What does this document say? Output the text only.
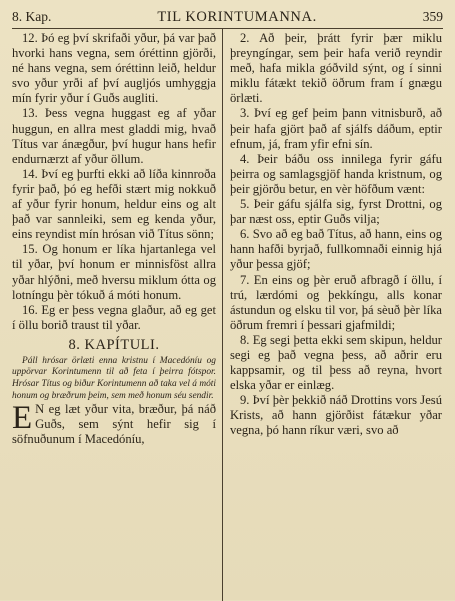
8. Kap.	TIL KORINTUMANNA.	359

12. Þó eg því skrifaði yður, þá var það hvorki hans vegna, sem óréttinn gjörði, né hans vegna, sem óréttinn leið, heldur svo yður yrði af því augljós umhyggja mín fyrir yður í Guðs augliti.

13. Þess vegna huggast eg af yðar huggun, en allra mest gladdi mig, hvað Títus var ánægður, því hugur hans hefir endurnærzt af yður öllum.

14. Því eg þurfti ekki að líða kinnroða fyrir það, þó eg hefði stært mig nokkuð af yður fyrir honum, heldur eins og alt það var sannleiki, sem eg kenda yður, eins reyndist mín hrósan við Títus sönn;

15. Og honum er líka hjartanlega vel til yðar, því honum er minnisföst allra yðar hlýðni, með hversu miklum ótta og lotníngu þèr tókuð á móti honum.

16. Eg er þess vegna glaður, að eg get í öllu borið traust til yðar.

8. KAPÍTULI.

Páll hrósar örlæti enna kristnu í Macedóníu og uppörvar Korintumenn til að feta í þeirra fótspor. Hrósar Títus og biður Korintumenn að taka vel á móti honum og bræðrum þeim, sem með honum séu sendir.

E N eg læt yður vita, bræður, þá náð Guðs, sem sýnt hefir sig í söfnuðunum í Macedóníu,

2. Að þeir, þrátt fyrir þær miklu þreyngíngar, sem þeir hafa verið reyndir með, hafa mikla góðvild sýnt, og í sinni miklu fátækt tekið öðrum fram í gnægu örlæti.

3. Því eg gef þeim þann vitnisburð, að þeir hafa gjört það af sjálfs dáðum, eptir efnum, já, fram yfir efni sín.

4. Þeir báðu oss innilega fyrir gáfu þeirra og samlagsgjöf handa kristnum, og þeir gjörðu betur, en vèr höfðum vænt:

5. Þeir gáfu sjálfa sig, fyrst Drottni, og þar næst oss, eptir Guðs vilja;

6. Svo að eg bað Títus, að hann, eins og hann hafði byrjað, fullkomnaði einnig hjá yður þessa gjöf;

7. En eins og þèr eruð afbragð í öllu, í trú, lærdómi og þekkíngu, alls konar ástundun og elsku til vor, þá sèuð þèr líka öðrum fremri í þessari gjafmildi;

8. Eg segi þetta ekki sem skipun, heldur segi eg það vegna þess, að aðrir eru kappsamir, og til þess að reyna, hvort elska yðar er einlæg.

9. Því þèr þekkið náð Drottins vors Jesú Krists, að hann gjörðist fátækur yðar vegna, þó hann ríkur væri, svo að
